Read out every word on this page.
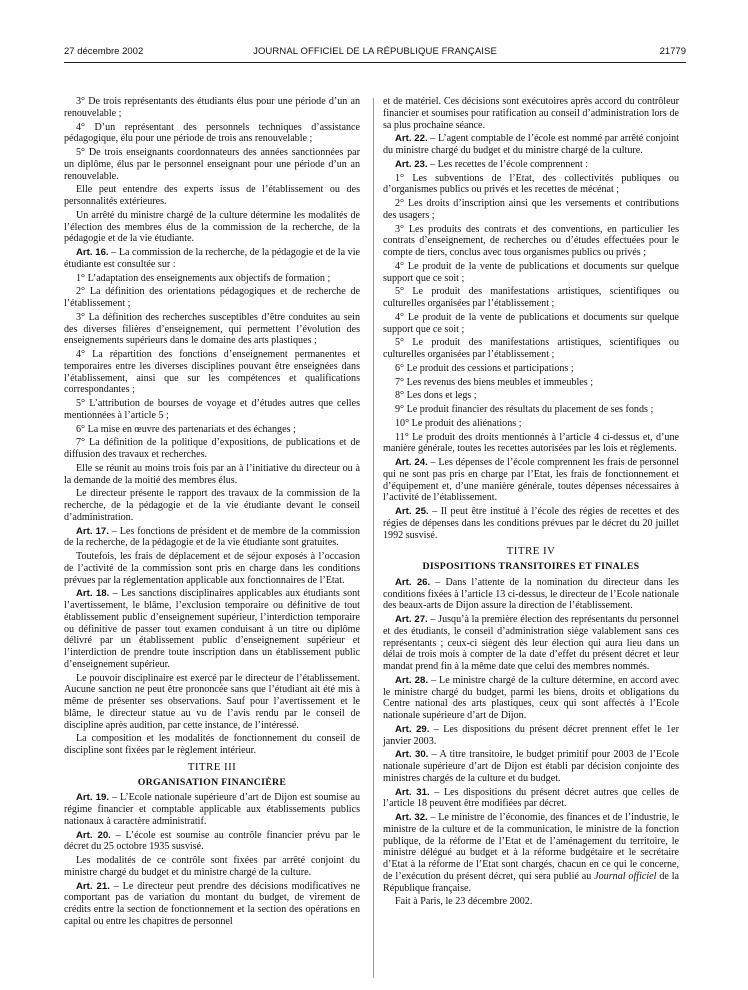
27 décembre 2002	JOURNAL OFFICIEL DE LA RÉPUBLIQUE FRANÇAISE	21779

3° De trois représentants des étudiants élus pour une période d’un an renouvelable ;

4° D’un représentant des personnels techniques d’assistance pédagogique, élu pour une période de trois ans renouvelable ;

5° De trois enseignants coordonnateurs des années sanctionnées par un diplôme, élus par le personnel enseignant pour une période d’un an renouvelable.

Elle peut entendre des experts issus de l’établissement ou des personnalités extérieures.

Un arrêté du ministre chargé de la culture détermine les modalités de l’élection des membres élus de la commission de la recherche, de la pédagogie et de la vie étudiante.

Art. 16. – La commission de la recherche, de la pédagogie et de la vie étudiante est consultée sur :

1° L’adaptation des enseignements aux objectifs de formation ;

2° La définition des orientations pédagogiques et de recherche de l’établissement ;

3° La définition des recherches susceptibles d’être conduites au sein des diverses filières d’enseignement, qui permettent l’évolution des enseignements supérieurs dans le domaine des arts plastiques ;

4° La répartition des fonctions d’enseignement permanentes et temporaires entre les diverses disciplines pouvant être enseignées dans l’établissement, ainsi que sur les compétences et qualifications correspondantes ;

5° L’attribution de bourses de voyage et d’études autres que celles mentionnées à l’article 5 ;

6° La mise en œuvre des partenariats et des échanges ;

7° La définition de la politique d’expositions, de publications et de diffusion des travaux et recherches.

Elle se réunit au moins trois fois par an à l’initiative du directeur ou à la demande de la moitié des membres élus.

Le directeur présente le rapport des travaux de la commission de la recherche, de la pédagogie et de la vie étudiante devant le conseil d’administration.

Art. 17. – Les fonctions de président et de membre de la commission de la recherche, de la pédagogie et de la vie étudiante sont gratuites.

Toutefois, les frais de déplacement et de séjour exposés à l’occasion de l’activité de la commission sont pris en charge dans les conditions prévues par la réglementation applicable aux fonctionnaires de l’Etat.

Art. 18. – Les sanctions disciplinaires applicables aux étudiants sont l’avertissement, le blâme, l’exclusion temporaire ou définitive de tout établissement public d’enseignement supérieur, l’interdiction temporaire ou définitive de passer tout examen conduisant à un titre ou diplôme délivré par un établissement public d’enseignement supérieur et l’interdiction de prendre toute inscription dans un établissement public d’enseignement supérieur.

Le pouvoir disciplinaire est exercé par le directeur de l’établissement. Aucune sanction ne peut être prononcée sans que l’étudiant ait été mis à même de présenter ses observations. Sauf pour l’avertissement et le blâme, le directeur statue au vu de l’avis rendu par le conseil de discipline après audition, par cette instance, de l’intéressé.

La composition et les modalités de fonctionnement du conseil de discipline sont fixées par le règlement intérieur.

TITRE III
ORGANISATION FINANCIÈRE

Art. 19. – L’Ecole nationale supérieure d’art de Dijon est soumise au régime financier et comptable applicable aux établissements publics nationaux à caractère administratif.

Art. 20. – L’école est soumise au contrôle financier prévu par le décret du 25 octobre 1935 susvisé.

Les modalités de ce contrôle sont fixées par arrêté conjoint du ministre chargé du budget et du ministre chargé de la culture.

Art. 21. – Le directeur peut prendre des décisions modificatives ne comportant pas de variation du montant du budget, de virement de crédits entre la section de fonctionnement et la section des opérations en capital ou entre les chapitres de personnel

et de matériel. Ces décisions sont exécutoires après accord du contrôleur financier et soumises pour ratification au conseil d’administration lors de sa plus prochaine séance.

Art. 22. – L’agent comptable de l’école est nommé par arrêté conjoint du ministre chargé du budget et du ministre chargé de la culture.

Art. 23. – Les recettes de l’école comprennent :

1° Les subventions de l’Etat, des collectivités publiques ou d’organismes publics ou privés et les recettes de mécénat ;

2° Les droits d’inscription ainsi que les versements et contributions des usagers ;

3° Les produits des contrats et des conventions, en particulier les contrats d’enseignement, de recherches ou d’études effectuées pour le compte de tiers, conclus avec tous organismes publics ou privés ;

4° Le produit de la vente de publications et documents sur quelque support que ce soit ;

5° Le produit des manifestations artistiques, scientifiques ou culturelles organisées par l’établissement ;

4° Le produit de la vente de publications et documents sur quelque support que ce soit ;

5° Le produit des manifestations artistiques, scientifiques ou culturelles organisées par l’établissement ;

6° Le produit des cessions et participations ;

7° Les revenus des biens meubles et immeubles ;

8° Les dons et legs ;

9° Le produit financier des résultats du placement de ses fonds ;

10° Le produit des aliénations ;

11° Le produit des droits mentionnés à l’article 4 ci-dessus et, d’une manière générale, toutes les recettes autorisées par les lois et règlements.

Art. 24. – Les dépenses de l’école comprennent les frais de personnel qui ne sont pas pris en charge par l’Etat, les frais de fonctionnement et d’équipement et, d’une manière générale, toutes dépenses nécessaires à l’activité de l’établissement.

Art. 25. – Il peut être institué à l’école des régies de recettes et des régies de dépenses dans les conditions prévues par le décret du 20 juillet 1992 susvisé.

TITRE IV
DISPOSITIONS TRANSITOIRES ET FINALES

Art. 26. – Dans l’attente de la nomination du directeur dans les conditions fixées à l’article 13 ci-dessus, le directeur de l’Ecole nationale des beaux-arts de Dijon assure la direction de l’établissement.

Art. 27. – Jusqu’à la première élection des représentants du personnel et des étudiants, le conseil d’administration siège valablement sans ces représentants ; ceux-ci siègent dès leur élection qui aura lieu dans un délai de trois mois à compter de la date d’effet du présent décret et leur mandat prend fin à la même date que celui des membres nommés.

Art. 28. – Le ministre chargé de la culture détermine, en accord avec le ministre chargé du budget, parmi les biens, droits et obligations du Centre national des arts plastiques, ceux qui sont affectés à l’Ecole nationale supérieure d’art de Dijon.

Art. 29. – Les dispositions du présent décret prennent effet le 1er janvier 2003.

Art. 30. – A titre transitoire, le budget primitif pour 2003 de l’Ecole nationale supérieure d’art de Dijon est établi par décision conjointe des ministres chargés de la culture et du budget.

Art. 31. – Les dispositions du présent décret autres que celles de l’article 18 peuvent être modifiées par décret.

Art. 32. – Le ministre de l’économie, des finances et de l’industrie, le ministre de la culture et de la communication, le ministre de la fonction publique, de la réforme de l’Etat et de l’aménagement du territoire, le ministre délégué au budget et à la réforme budgétaire et le secrétaire d’Etat à la réforme de l’Etat sont chargés, chacun en ce qui le concerne, de l’exécution du présent décret, qui sera publié au Journal officiel de la République française.

Fait à Paris, le 23 décembre 2002.
